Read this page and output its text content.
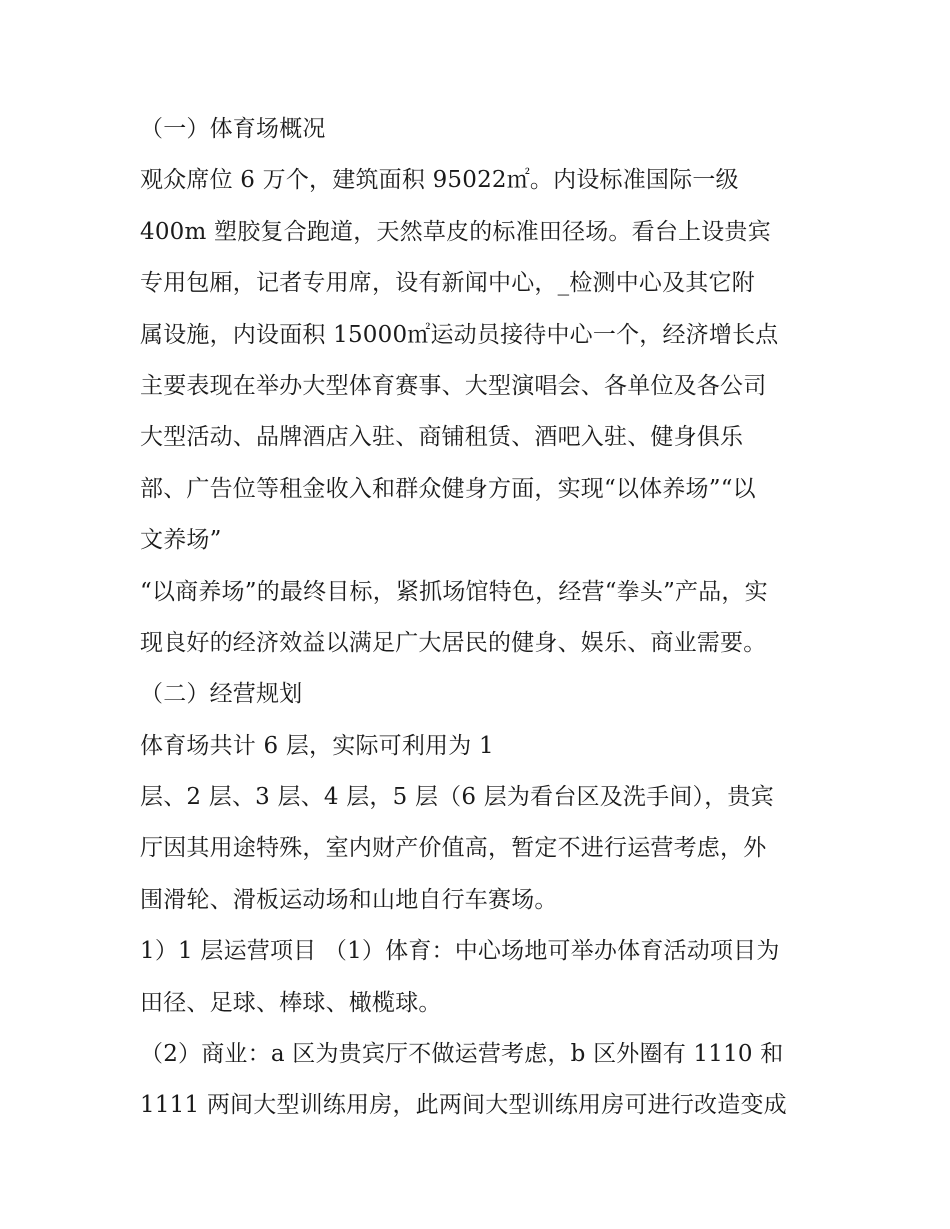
（一）体育场概况
观众席位 6 万个，建筑面积 95022㎡。内设标准国际一级
400m 塑胶复合跑道，天然草皮的标准田径场。看台上设贵宾
专用包厢，记者专用席，设有新闻中心，_检测中心及其它附
属设施，内设面积 15000㎡运动员接待中心一个，经济增长点
主要表现在举办大型体育赛事、大型演唱会、各单位及各公司
大型活动、品牌酒店入驻、商铺租赁、酒吧入驻、健身俱乐
部、广告位等租金收入和群众健身方面，实现“以体养场”“以
文养场”
“以商养场”的最终目标，紧抓场馆特色，经营“拳头”产品，实
现良好的经济效益以满足广大居民的健身、娱乐、商业需要。
（二）经营规划
体育场共计 6 层，实际可利用为 1
层、2 层、3 层、4 层，5 层（6 层为看台区及洗手间），贵宾
厅因其用途特殊，室内财产价值高，暂定不进行运营考虑，外
围滑轮、滑板运动场和山地自行车赛场。
1）1 层运营项目 （1）体育：中心场地可举办体育活动项目为
田径、足球、棒球、橄榄球。
（2）商业：a 区为贵宾厅不做运营考虑，b 区外圈有 1110 和
1111 两间大型训练用房，此两间大型训练用房可进行改造变成
